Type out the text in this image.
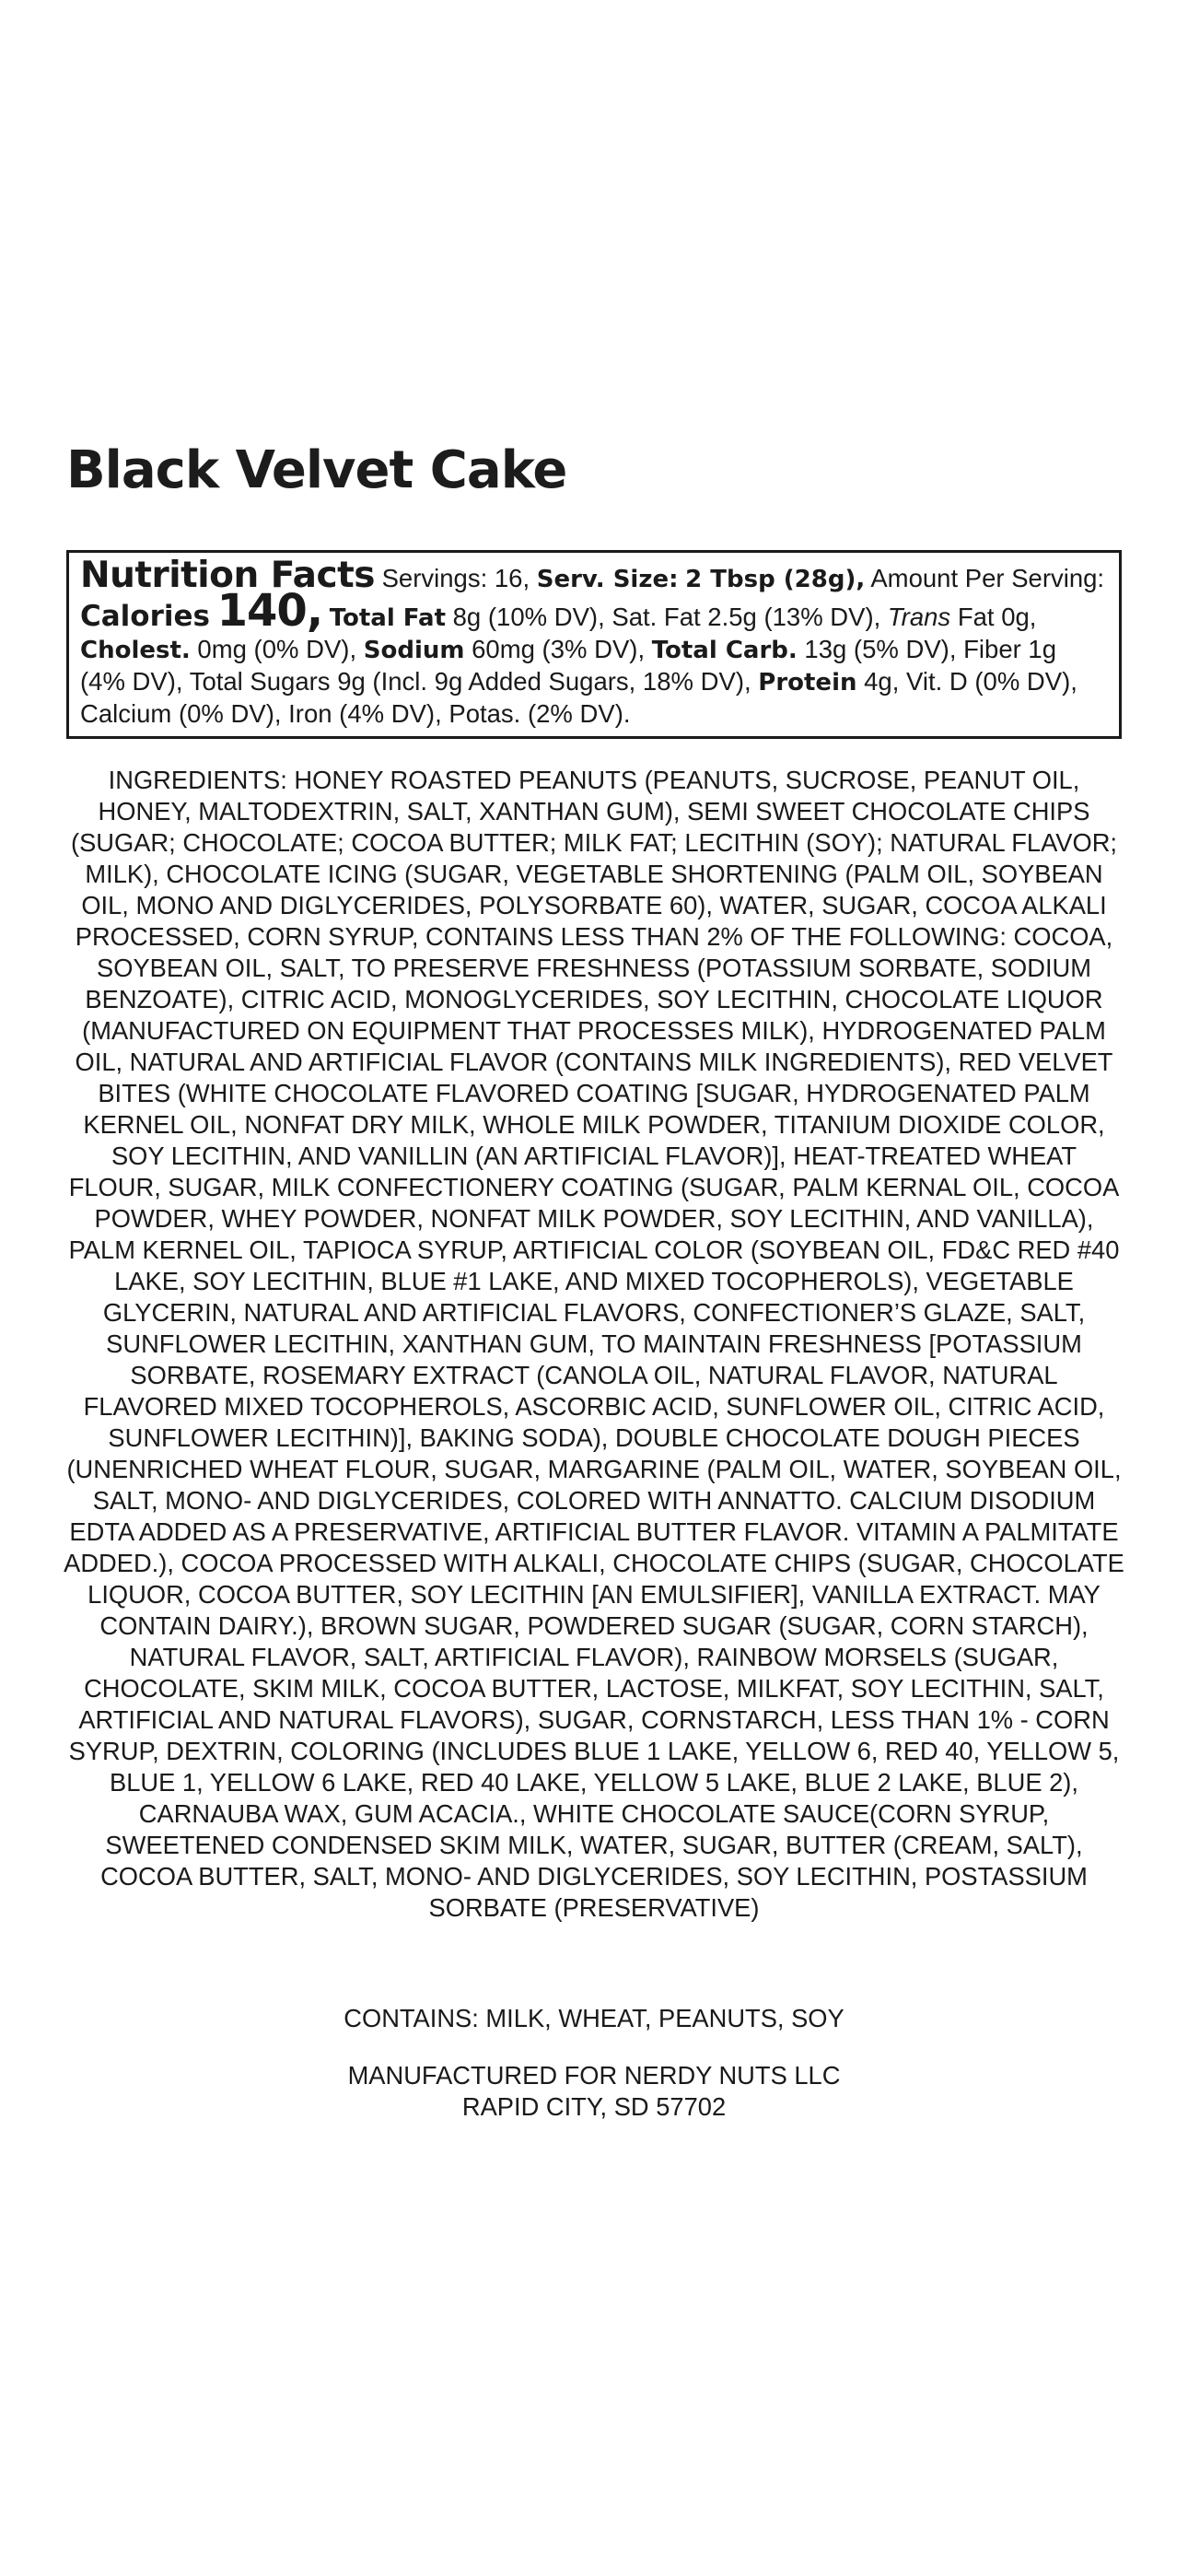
Black Velvet Cake
Nutrition Facts Servings: 16, Serv. Size: 2 Tbsp (28g), Amount Per Serving: Calories 140, Total Fat 8g (10% DV), Sat. Fat 2.5g (13% DV), Trans Fat 0g, Cholest. 0mg (0% DV), Sodium 60mg (3% DV), Total Carb. 13g (5% DV), Fiber 1g (4% DV), Total Sugars 9g (Incl. 9g Added Sugars, 18% DV), Protein 4g, Vit. D (0% DV), Calcium (0% DV), Iron (4% DV), Potas. (2% DV).

INGREDIENTS: HONEY ROASTED PEANUTS (PEANUTS, SUCROSE, PEANUT OIL, HONEY, MALTODEXTRIN, SALT, XANTHAN GUM), SEMI SWEET CHOCOLATE CHIPS (SUGAR; CHOCOLATE; COCOA BUTTER; MILK FAT; LECITHIN (SOY); NATURAL FLAVOR; MILK), CHOCOLATE ICING (SUGAR, VEGETABLE SHORTENING (PALM OIL, SOYBEAN OIL, MONO AND DIGLYCERIDES, POLYSORBATE 60), WATER, SUGAR, COCOA ALKALI PROCESSED, CORN SYRUP, CONTAINS LESS THAN 2% OF THE FOLLOWING: COCOA, SOYBEAN OIL, SALT, TO PRESERVE FRESHNESS (POTASSIUM SORBATE, SODIUM BENZOATE), CITRIC ACID, MONOGLYCERIDES, SOY LECITHIN, CHOCOLATE LIQUOR (MANUFACTURED ON EQUIPMENT THAT PROCESSES MILK), HYDROGENATED PALM OIL, NATURAL AND ARTIFICIAL FLAVOR (CONTAINS MILK INGREDIENTS), RED VELVET BITES (WHITE CHOCOLATE FLAVORED COATING [SUGAR, HYDROGENATED PALM KERNEL OIL, NONFAT DRY MILK, WHOLE MILK POWDER, TITANIUM DIOXIDE COLOR, SOY LECITHIN, AND VANILLIN (AN ARTIFICIAL FLAVOR)], HEAT-TREATED WHEAT FLOUR, SUGAR, MILK CONFECTIONERY COATING (SUGAR, PALM KERNAL OIL, COCOA POWDER, WHEY POWDER, NONFAT MILK POWDER, SOY LECITHIN, AND VANILLA), PALM KERNEL OIL, TAPIOCA SYRUP, ARTIFICIAL COLOR (SOYBEAN OIL, FD&C RED #40 LAKE, SOY LECITHIN, BLUE #1 LAKE, AND MIXED TOCOPHEROLS), VEGETABLE GLYCERIN, NATURAL AND ARTIFICIAL FLAVORS, CONFECTIONER’S GLAZE, SALT, SUNFLOWER LECITHIN, XANTHAN GUM, TO MAINTAIN FRESHNESS [POTASSIUM SORBATE, ROSEMARY EXTRACT (CANOLA OIL, NATURAL FLAVOR, NATURAL FLAVORED MIXED TOCOPHEROLS, ASCORBIC ACID, SUNFLOWER OIL, CITRIC ACID, SUNFLOWER LECITHIN)], BAKING SODA), DOUBLE CHOCOLATE DOUGH PIECES (UNENRICHED WHEAT FLOUR, SUGAR, MARGARINE (PALM OIL, WATER, SOYBEAN OIL, SALT, MONO- AND DIGLYCERIDES, COLORED WITH ANNATTO. CALCIUM DISODIUM EDTA ADDED AS A PRESERVATIVE, ARTIFICIAL BUTTER FLAVOR. VITAMIN A PALMITATE ADDED.), COCOA PROCESSED WITH ALKALI, CHOCOLATE CHIPS (SUGAR, CHOCOLATE LIQUOR, COCOA BUTTER, SOY LECITHIN [AN EMULSIFIER], VANILLA EXTRACT. MAY CONTAIN DAIRY.), BROWN SUGAR, POWDERED SUGAR (SUGAR, CORN STARCH), NATURAL FLAVOR, SALT, ARTIFICIAL FLAVOR), RAINBOW MORSELS (SUGAR, CHOCOLATE, SKIM MILK, COCOA BUTTER, LACTOSE, MILKFAT, SOY LECITHIN, SALT, ARTIFICIAL AND NATURAL FLAVORS), SUGAR, CORNSTARCH, LESS THAN 1% - CORN SYRUP, DEXTRIN, COLORING (INCLUDES BLUE 1 LAKE, YELLOW 6, RED 40, YELLOW 5, BLUE 1, YELLOW 6 LAKE, RED 40 LAKE, YELLOW 5 LAKE, BLUE 2 LAKE, BLUE 2), CARNAUBA WAX, GUM ACACIA., WHITE CHOCOLATE SAUCE(CORN SYRUP, SWEETENED CONDENSED SKIM MILK, WATER, SUGAR, BUTTER (CREAM, SALT), COCOA BUTTER, SALT, MONO- AND DIGLYCERIDES, SOY LECITHIN, POSTASSIUM SORBATE (PRESERVATIVE)

CONTAINS: MILK, WHEAT, PEANUTS, SOY

MANUFACTURED FOR NERDY NUTS LLC
RAPID CITY, SD 57702
